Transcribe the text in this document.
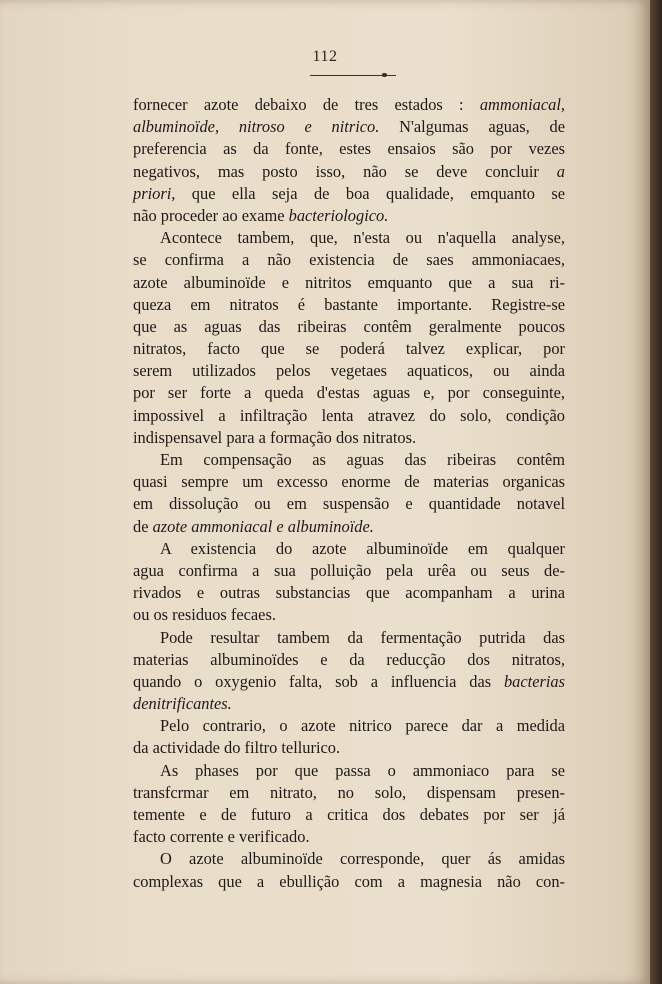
112
fornecer azote debaixo de tres estados : ammoniacal,
albuminoïde, nitroso e nitrico. N'algumas aguas, de
preferencia as da fonte, estes ensaios são por vezes
negativos, mas posto isso, não se deve concluir a
priori, que ella seja de boa qualidade, emquanto se
não proceder ao exame bacteriologico.
Acontece tambem, que, n'esta ou n'aquella analyse,
se confirma a não existencia de saes ammoniacaes,
azote albuminoïde e nitritos emquanto que a sua ri-
queza em nitratos é bastante importante. Registre-se
que as aguas das ribeiras contêm geralmente poucos
nitratos, facto que se poderá talvez explicar, por
serem utilizados pelos vegetaes aquaticos, ou ainda
por ser forte a queda d'estas aguas e, por conseguinte,
impossivel a infiltração lenta atravez do solo, condição
indispensavel para a formação dos nitratos.
Em compensação as aguas das ribeiras contêm
quasi sempre um excesso enorme de materias organicas
em dissolução ou em suspensão e quantidade notavel
de azote ammoniacal e albuminoïde.
A existencia do azote albuminoïde em qualquer
agua confirma a sua polluição pela urêa ou seus de-
rivados e outras substancias que acompanham a urina
ou os residuos fecaes.
Pode resultar tambem da fermentação putrida das
materias albuminoïdes e da reducção dos nitratos,
quando o oxygenio falta, sob a influencia das bacterias
denitrificantes.
Pelo contrario, o azote nitrico parece dar a medida
da actividade do filtro tellurico.
As phases por que passa o ammoniaco para se
transfcrmar em nitrato, no solo, dispensam presen-
temente e de futuro a critica dos debates por ser já
facto corrente e verificado.
O azote albuminoïde corresponde, quer ás amidas
complexas que a ebullição com a magnesia não con-
